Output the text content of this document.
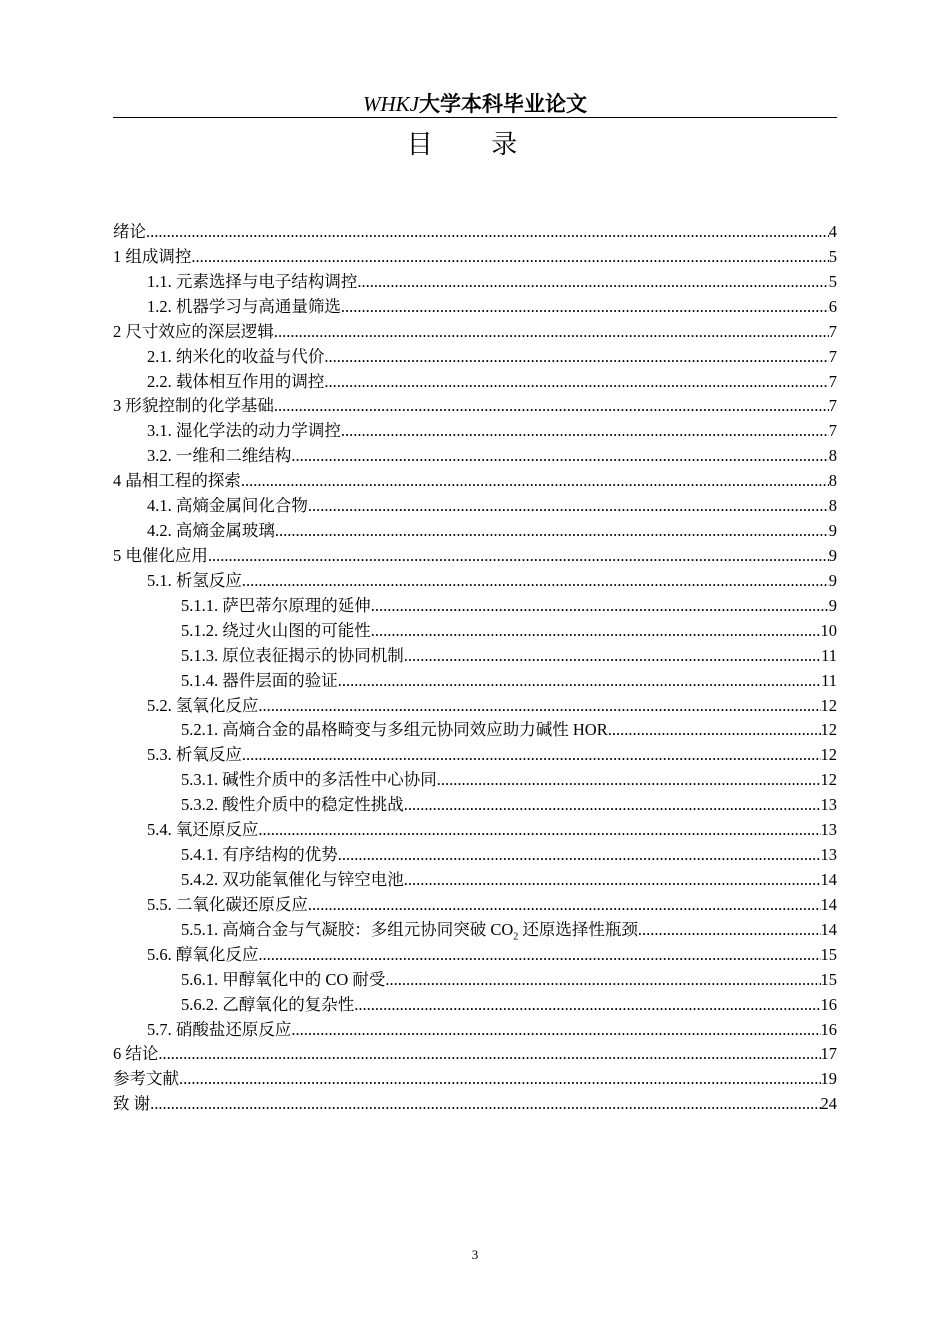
WHKJ大学本科毕业论文
目 录
绪论 .....	4
1 组成调控 .....	5
1.1. 元素选择与电子结构调控 .....	5
1.2. 机器学习与高通量筛选 .....	6
2 尺寸效应的深层逻辑 .....	7
2.1. 纳米化的收益与代价 .....	7
2.2. 载体相互作用的调控 .....	7
3 形貌控制的化学基础 .....	7
3.1. 湿化学法的动力学调控 .....	7
3.2. 一维和二维结构 .....	8
4 晶相工程的探索 .....	8
4.1. 高熵金属间化合物 .....	8
4.2. 高熵金属玻璃 .....	9
5 电催化应用 .....	9
5.1. 析氢反应 .....	9
5.1.1. 萨巴蒂尔原理的延伸 .....	9
5.1.2. 绕过火山图的可能性 .....	10
5.1.3. 原位表征揭示的协同机制 .....	11
5.1.4. 器件层面的验证 .....	11
5.2. 氢氧化反应 .....	12
5.2.1. 高熵合金的晶格畸变与多组元协同效应助力碱性 HOR .....	12
5.3. 析氧反应 .....	12
5.3.1. 碱性介质中的多活性中心协同 .....	12
5.3.2. 酸性介质中的稳定性挑战 .....	13
5.4. 氧还原反应 .....	13
5.4.1. 有序结构的优势 .....	13
5.4.2. 双功能氧催化与锌空电池 .....	14
5.5. 二氧化碳还原反应 .....	14
5.5.1. 高熵合金与气凝胶：多组元协同突破 $CO_2$ 还原选择性瓶颈 .....	14
5.6. 醇氧化反应 .....	15
5.6.1. 甲醇氧化中的 CO 耐受 .....	15
5.6.2. 乙醇氧化的复杂性 .....	16
5.7. 硝酸盐还原反应 .....	16
6 结论 .....	17
参考文献 .....	19
致 谢 .....	24
3
